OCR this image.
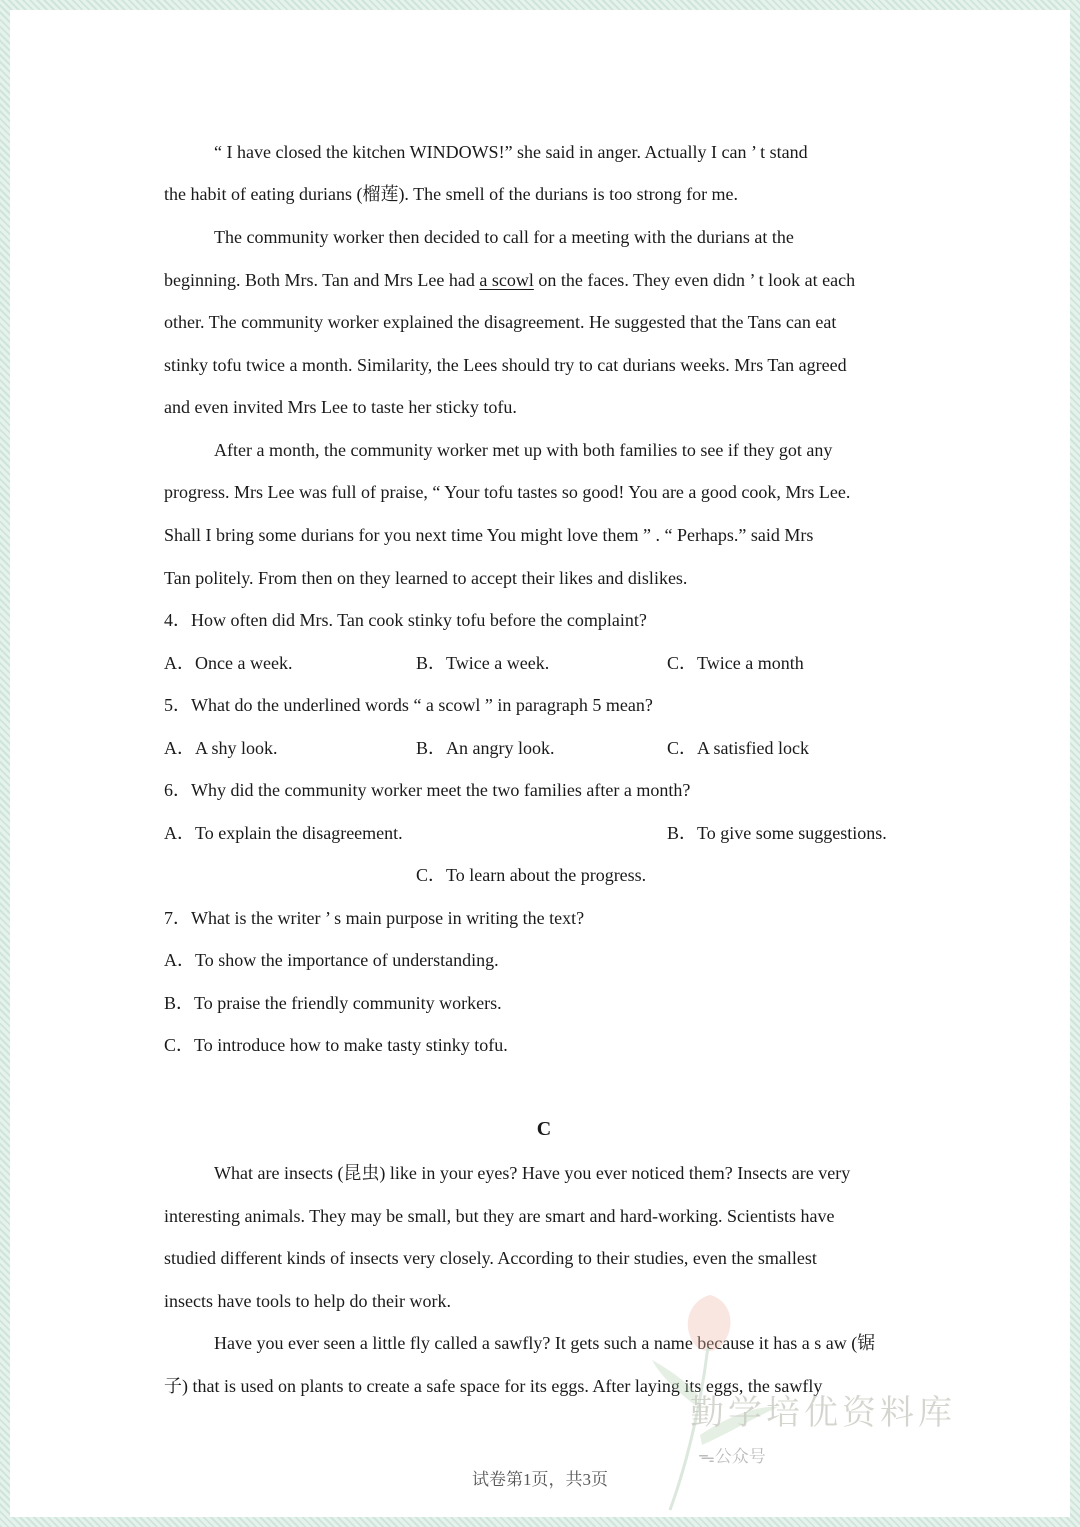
“ I have closed the kitchen WINDOWS!” she said in anger. Actually I can ’ t stand
the habit of eating durians (榴莲). The smell of the durians is too strong for me.
The community worker then decided to call for a meeting with the durians at the
beginning. Both Mrs. Tan and Mrs Lee had a scowl on the faces. They even didn ’ t look at each
other. The community worker explained the disagreement. He suggested that the Tans can eat
stinky tofu twice a month. Similarity, the Lees should try to cat durians weeks. Mrs Tan agreed
and even invited Mrs Lee to taste her sticky tofu.
After a month, the community worker met up with both families to see if they got any
progress. Mrs Lee was full of praise, “ Your tofu tastes so good! You are a good cook, Mrs Lee.
Shall I bring some durians for you next time You might love them ” . “ Perhaps.” said Mrs
Tan politely. From then on they learned to accept their likes and dislikes.
4．How often did Mrs. Tan cook stinky tofu before the complaint?
A．Once a week.	B．Twice a week.	C．Twice a month
5．What do the underlined words “ a scowl ” in paragraph 5 mean?
A．A shy look.	B．An angry look.	C．A satisfied lock
6．Why did the community worker meet the two families after a month?
A．To explain the disagreement.	B．To give some suggestions.
C．To learn about the progress.
7．What is the writer ’ s main purpose in writing the text?
A．To show the importance of understanding.
B．To praise the friendly community workers.
C．To introduce how to make tasty stinky tofu.
C
What are insects (昆虫) like in your eyes? Have you ever noticed them? Insects are very
interesting animals. They may be small, but they are smart and hard-working. Scientists have
studied different kinds of insects very closely. According to their studies, even the smallest
insects have tools to help do their work.
Have you ever seen a little fly called a sawfly? It gets such a name because it has a s aw (锯
子) that is used on plants to create a safe space for its eggs. After laying its eggs, the sawfly
勤学培优资料库
ᯓ公众号
试卷第1页，共3页
